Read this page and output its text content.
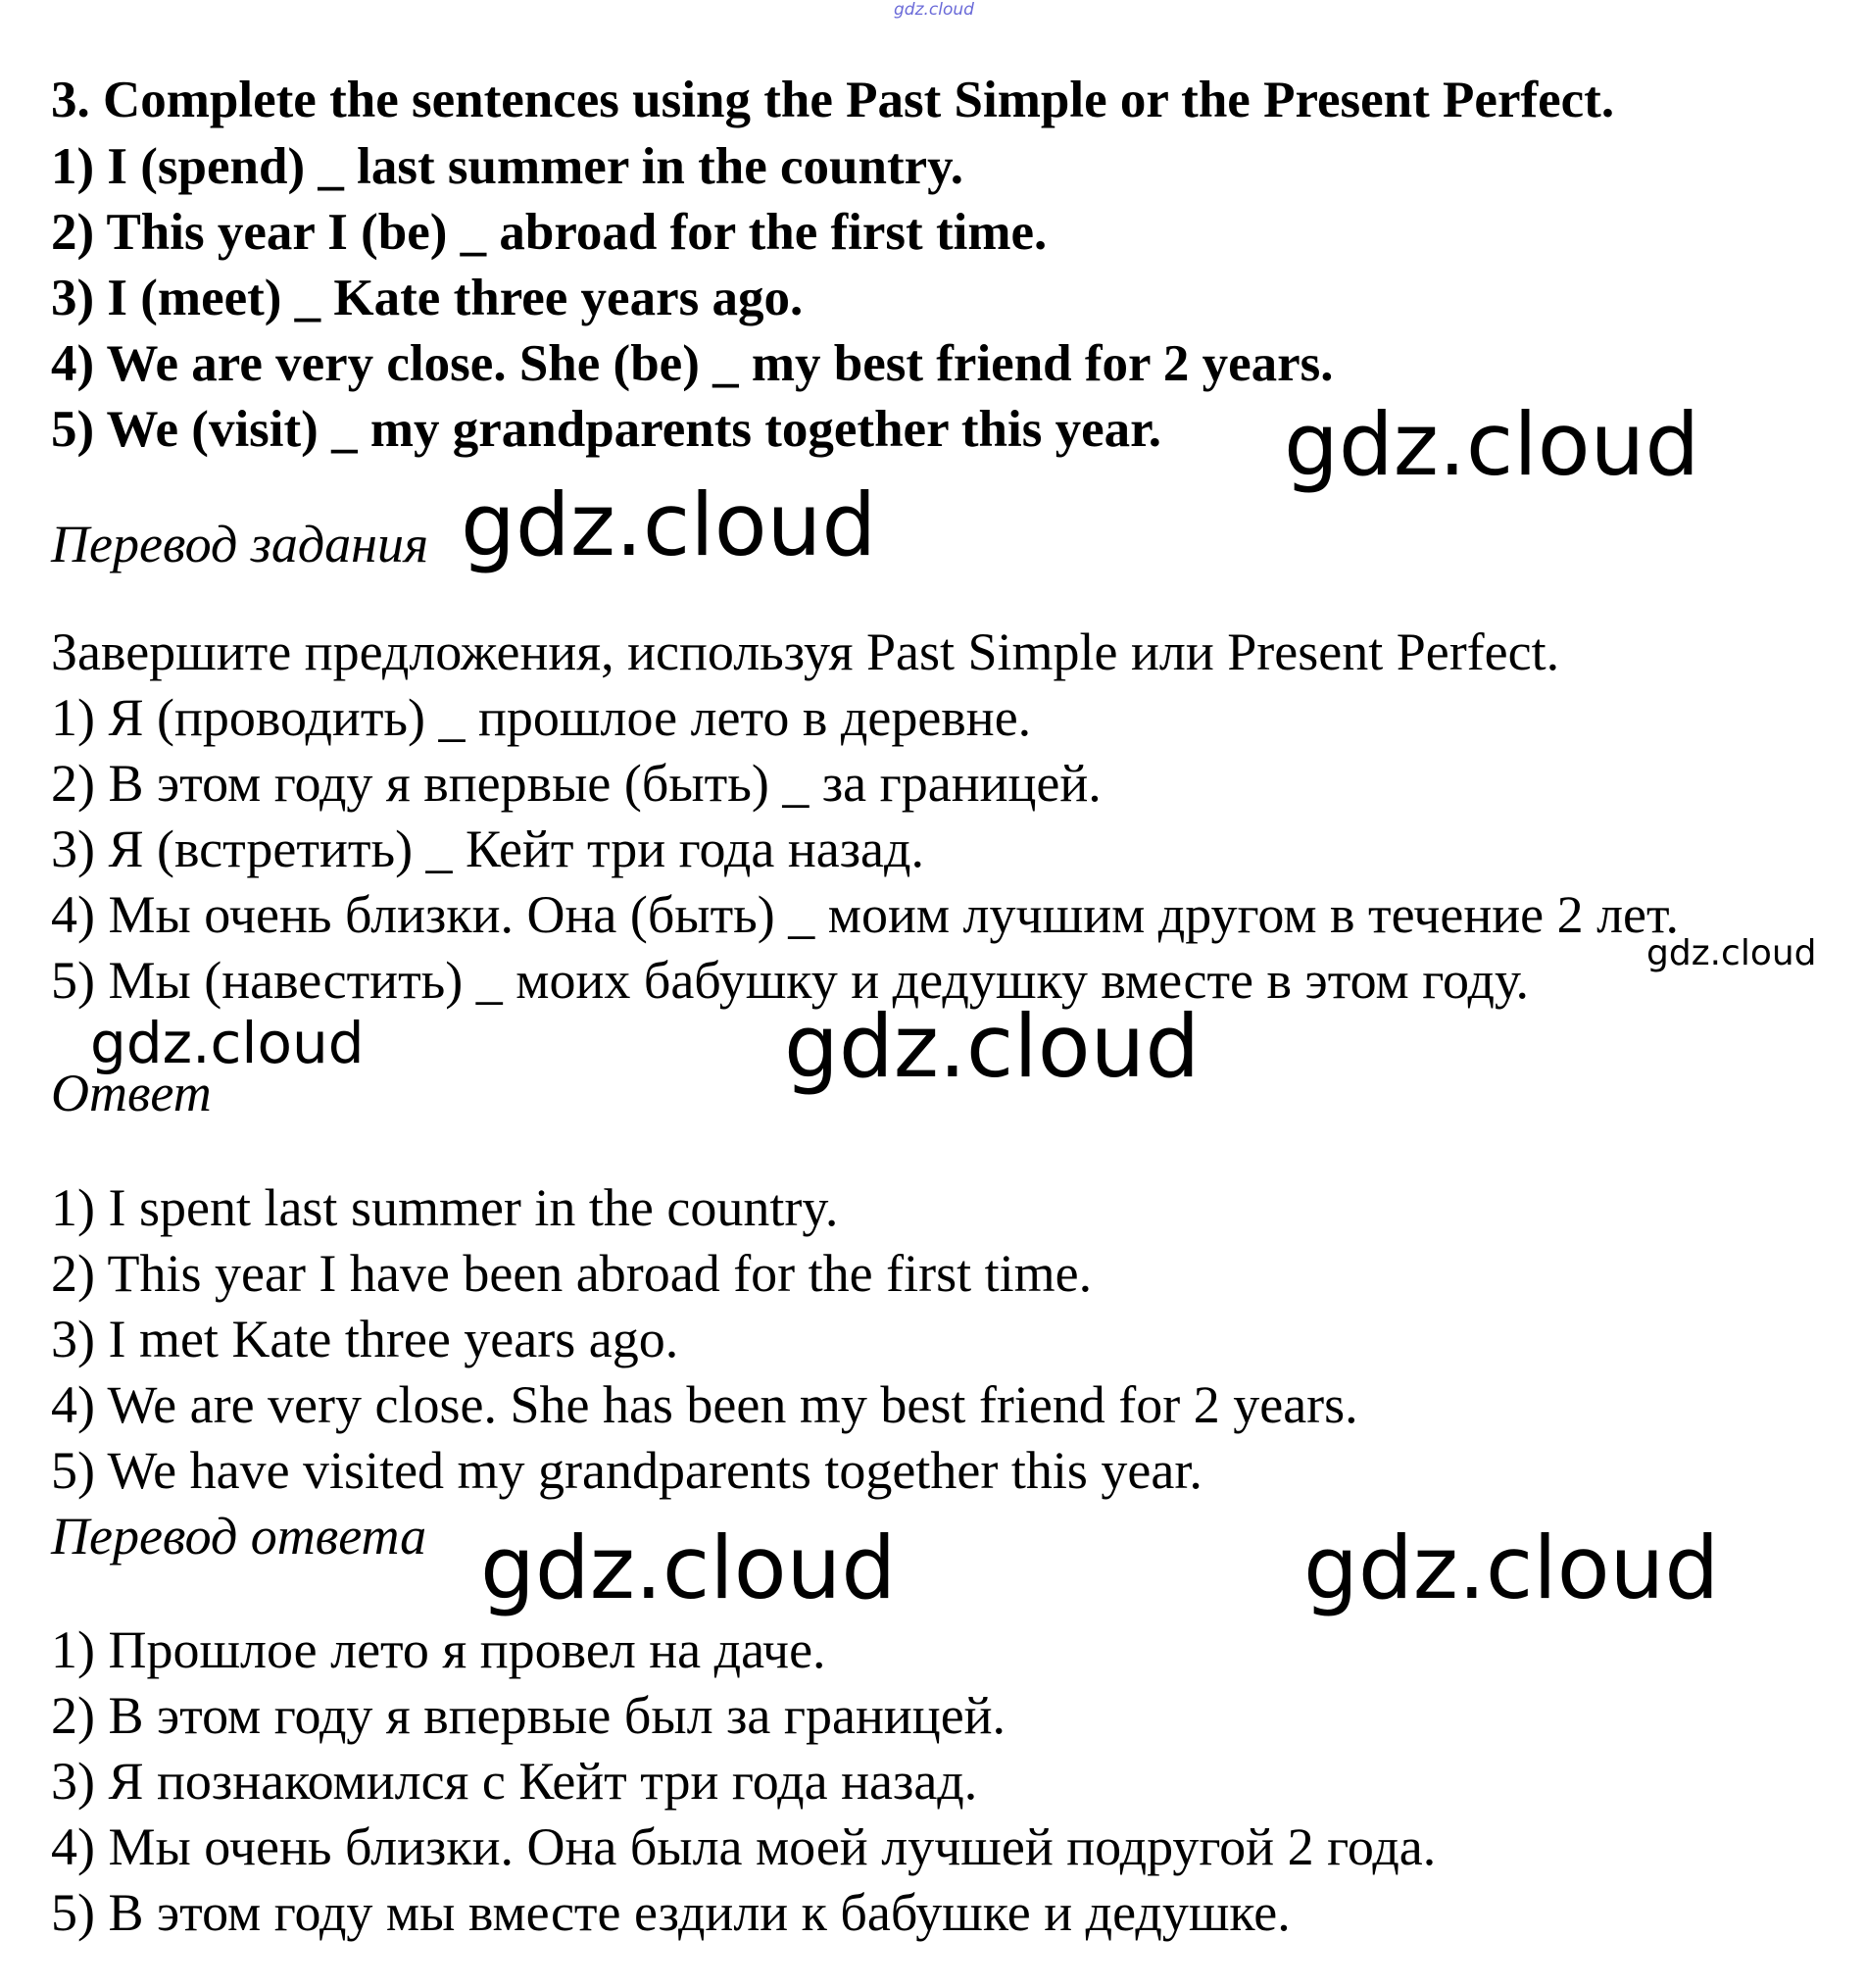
gdz.cloud
3. Complete the sentences using the Past Simple or the Present Perfect.
1) I (spend) _ last summer in the country.
2) This year I (be) _ abroad for the first time.
3) I (meet) _ Kate three years ago.
4) We are very close. She (be) _ my best friend for 2 years.
5) We (visit) _ my grandparents together this year. gdz.cloud
Перевод задания gdz.cloud
Завершите предложения, используя Past Simple или Present Perfect.
1) Я (проводить) _ прошлое лето в деревне.
2) В этом году я впервые (быть) _ за границей.
3) Я (встретить) _ Кейт три года назад.
4) Мы очень близки. Она (быть) _ моим лучшим другом в течение 2 лет.
5) Мы (навестить) _ моих бабушку и дедушку вместе в этом году.	gdz.cloud
gdz.cloud	gdz.cloud
Ответ
1) I spent last summer in the country.
2) This year I have been abroad for the first time.
3) I met Kate three years ago.
4) We are very close. She has been my best friend for 2 years.
5) We have visited my grandparents together this year.
Перевод ответа gdz.cloud	gdz.cloud
1) Прошлое лето я провел на даче.
2) В этом году я впервые был за границей.
3) Я познакомился с Кейт три года назад.
4) Мы очень близки. Она была моей лучшей подругой 2 года.
5) В этом году мы вместе ездили к бабушке и дедушке.
